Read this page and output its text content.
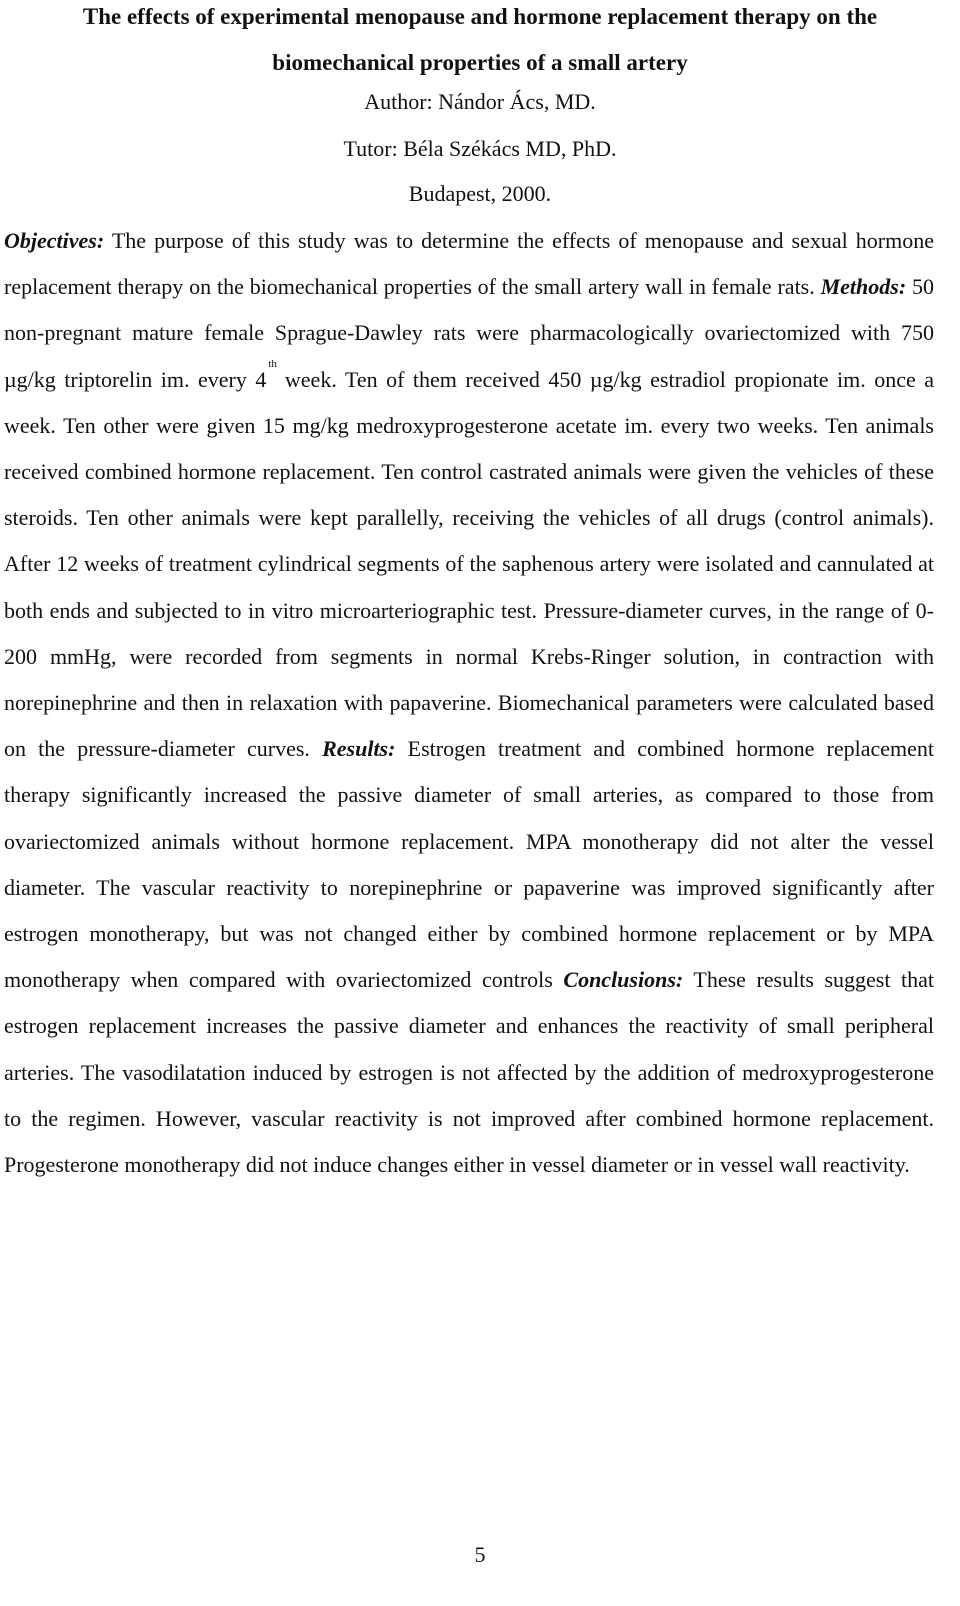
The effects of experimental menopause and hormone replacement therapy on the
biomechanical properties of a small artery

Author: Nándor Ács, MD.

Tutor: Béla Székács MD, PhD.

Budapest, 2000.

Objectives: The purpose of this study was to determine the effects of menopause and sexual hormone replacement therapy on the biomechanical properties of the small artery wall in female rats. Methods: 50 non-pregnant mature female Sprague-Dawley rats were pharmacologically ovariectomized with 750 µg/kg triptorelin im. every 4thweek. Ten of them received 450 µg/kg estradiol propionate im. once a week. Ten other were given 15 mg/kg medroxyprogesterone acetate im. every two weeks. Ten animals received combined hormone replacement. Ten control castrated animals were given the vehicles of these steroids. Ten other animals were kept parallelly, receiving the vehicles of all drugs (control animals). After 12 weeks of treatment cylindrical segments of the saphenous artery were isolated and cannulated at both ends and subjected to in vitro microarteriographic test. Pressure-diameter curves, in the range of 0-200 mmHg, were recorded from segments in normal Krebs-Ringer solution, in contraction with norepinephrine and then in relaxation with papaverine. Biomechanical parameters were calculated based on the pressure-diameter curves. Results: Estrogen treatment and combined hormone replacement therapy significantly increased the passive diameter of small arteries, as compared to those from ovariectomized animals without hormone replacement. MPA monotherapy did not alter the vessel diameter. The vascular reactivity to norepinephrine or papaverine was improved significantly after estrogen monotherapy, but was not changed either by combined hormone replacement or by MPA monotherapy when compared with ovariectomized controls Conclusions: These results suggest that estrogen replacement increases the passive diameter and enhances the reactivity of small peripheral arteries. The vasodilatation induced by estrogen is not affected by the addition of medroxyprogesterone to the regimen. However, vascular reactivity is not improved after combined hormone replacement. Progesterone monotherapy did not induce changes either in vessel diameter or in vessel wall reactivity.

5
